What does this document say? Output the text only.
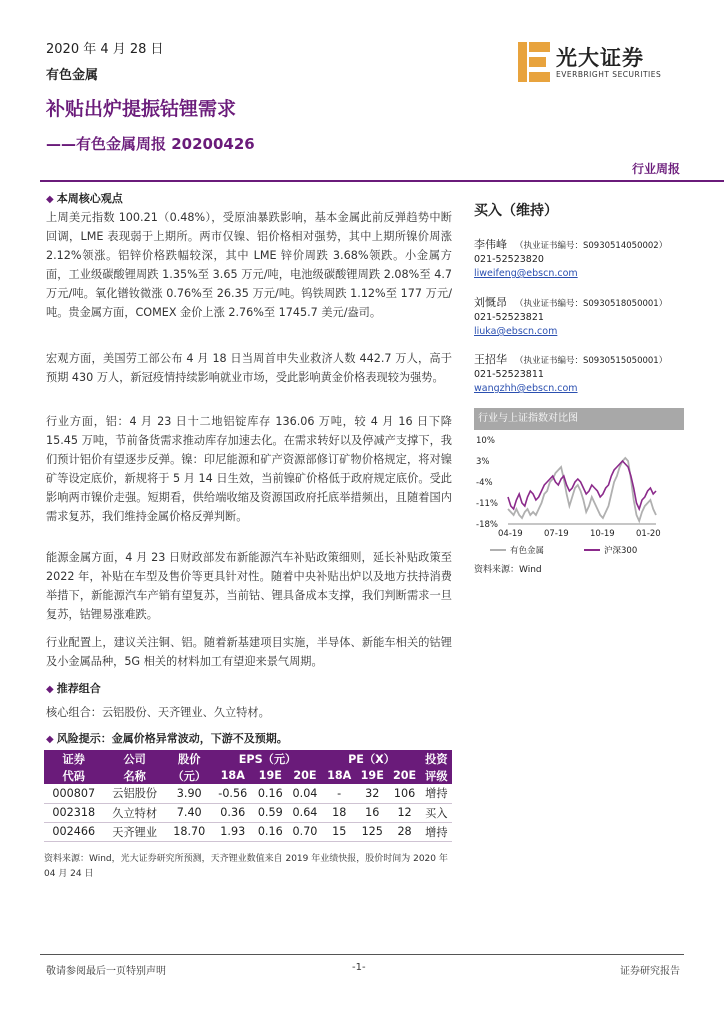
2020 年 4 月 28 日
有色金属
补贴出炉提振钴锂需求
——有色金属周报 20200426
光大证券
EVERBRIGHT SECURITIES
行业周报
◆ 本周核心观点
上周美元指数 100.21（0.48%），受原油暴跌影响，基本金属此前反弹趋势中断回调，LME 表现弱于上期所。两市仅镍、铝价格相对强势，其中上期所镍价周涨 2.12%领涨。铝锌价格跌幅较深，其中 LME 锌价周跌 3.68%领跌。小金属方面，工业级碳酸锂周跌 1.35%至 3.65 万元/吨，电池级碳酸锂周跌 2.08%至 4.7 万元/吨。氧化镨钕微涨 0.76%至 26.35 万元/吨。钨铁周跌 1.12%至 177 万元/吨。贵金属方面，COMEX 金价上涨 2.76%至 1745.7 美元/盎司。
宏观方面，美国劳工部公布 4 月 18 日当周首申失业救济人数 442.7 万人，高于预期 430 万人，新冠疫情持续影响就业市场，受此影响黄金价格表现较为强势。
行业方面，铝：4 月 23 日十二地铝锭库存 136.06 万吨，较 4 月 16 日下降 15.45 万吨，节前备货需求推动库存加速去化。在需求转好以及停减产支撑下，我们预计铝价有望逐步反弹。镍：印尼能源和矿产资源部修订矿物价格规定，将对镍矿等设定底价，新规将于 5 月 14 日生效，当前镍矿价格低于政府规定底价。受此影响两市镍价走强。短期看，供给端收缩及资源国政府托底举措频出，且随着国内需求复苏，我们维持金属价格反弹判断。
能源金属方面，4 月 23 日财政部发布新能源汽车补贴政策细则，延长补贴政策至 2022 年，补贴在车型及售价等更具针对性。随着中央补贴出炉以及地方扶持消费举措下，新能源汽车产销有望复苏，当前钴、锂具备成本支撑，我们判断需求一旦复苏，钴锂易涨难跌。
行业配置上，建议关注铜、铝。随着新基建项目实施，半导体、新能车相关的钴锂及小金属品种，5G 相关的材料加工有望迎来景气周期。
◆ 推荐组合
核心组合：云铝股份、天齐锂业、久立特材。
◆ 风险提示：金属价格异常波动，下游不及预期。
证券	公司	股价	EPS（元）			PE（X）			投资
代码	名称	（元）	18A	19E	20E	18A	19E	20E	评级
000807	云铝股份	3.90	-0.56	0.16	0.04	-	32	106	增持
002318	久立特材	7.40	0.36	0.59	0.64	18	16	12	买入
002466	天齐锂业	18.70	1.93	0.16	0.70	15	125	28	增持
资料来源：Wind，光大证券研究所预测，天齐锂业数值来自 2019 年业绩快报，股价时间为 2020 年 04 月 24 日
买入（维持）
李伟峰 （执业证书编号：S0930514050002）
021-52523820
liweifeng@ebscn.com
刘慨昂 （执业证书编号：S0930518050001）
021-52523821
liuka@ebscn.com
王招华 （执业证书编号：S0930515050001）
021-52523811
wangzhh@ebscn.com
行业与上证指数对比图
10%
3%
-4%
-11%
-18%
04-19	07-19	10-19	01-20
有色金属	沪深300
资料来源：Wind
敬请参阅最后一页特别声明	-1-	证券研究报告
